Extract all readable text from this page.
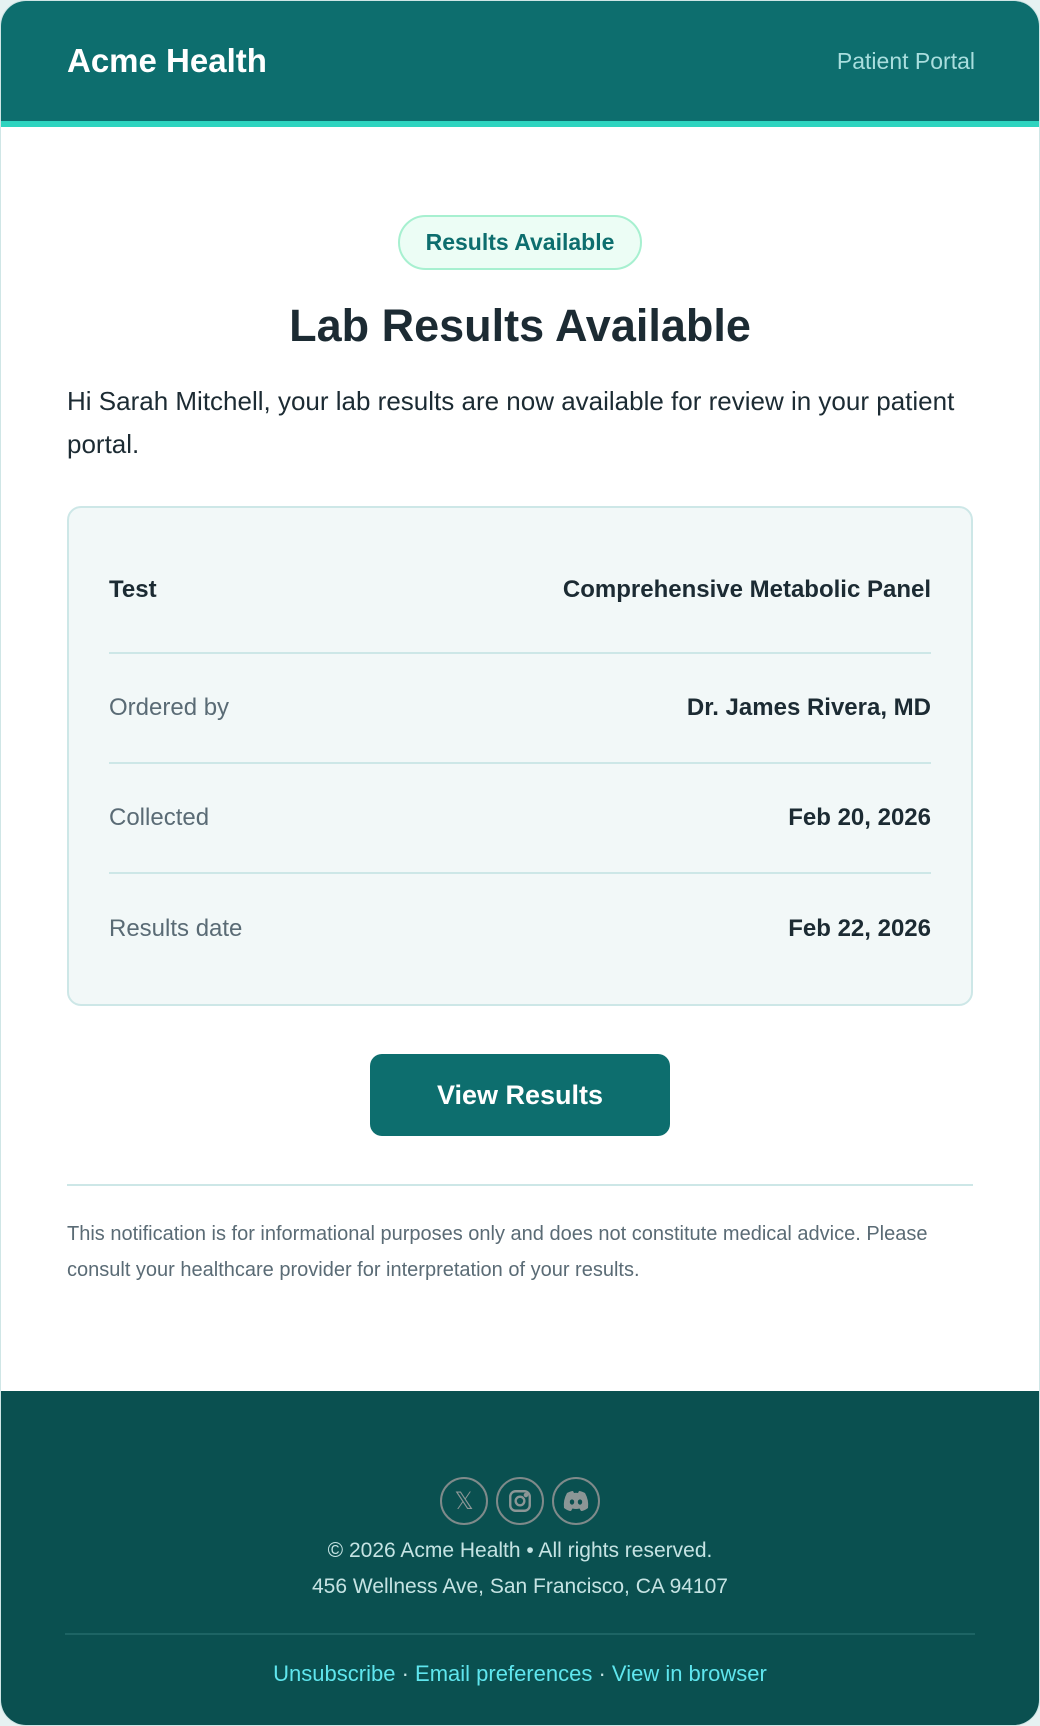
Acme Health	Patient Portal
Results Available
Lab Results Available

Hi Sarah Mitchell, your lab results are now available for review in your patient portal.

Test	Comprehensive Metabolic Panel
Ordered by	Dr. James Rivera, MD
Collected	Feb 20, 2026
Results date	Feb 22, 2026
View Results

This notification is for informational purposes only and does not constitute medical advice. Please consult your healthcare provider for interpretation of your results.

𝕏
© 2026 Acme Health • All rights reserved.
456 Wellness Ave, San Francisco, CA 94107
Unsubscribe · Email preferences · View in browser
